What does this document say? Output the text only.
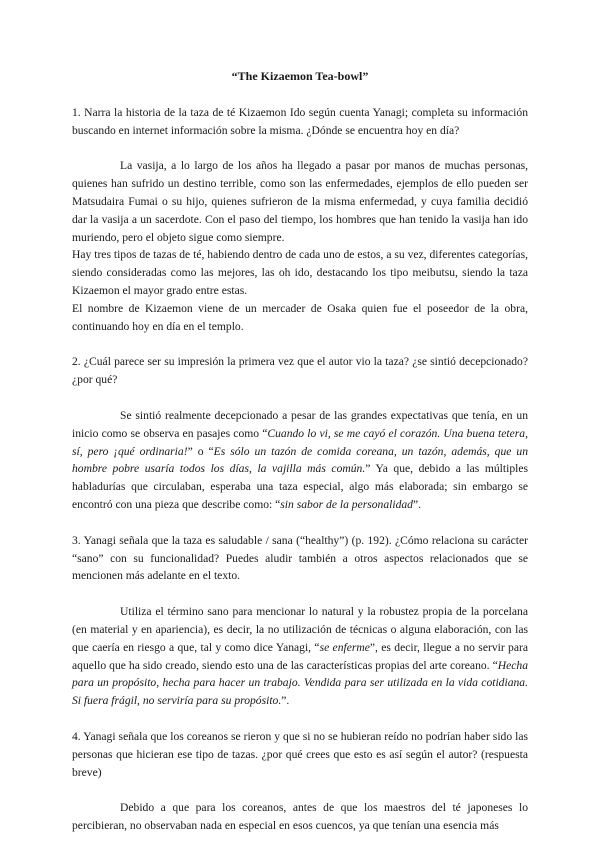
“The Kizaemon Tea-bowl”

1. Narra la historia de la taza de té Kizaemon Ido según cuenta Yanagi; completa su información buscando en internet información sobre la misma. ¿Dónde se encuentra hoy en día?

La vasija, a lo largo de los años ha llegado a pasar por manos de muchas personas, quienes han sufrido un destino terrible, como son las enfermedades, ejemplos de ello pueden ser Matsudaira Fumai o su hijo, quienes sufrieron de la misma enfermedad, y cuya familia decidió dar la vasija a un sacerdote. Con el paso del tiempo, los hombres que han tenido la vasija han ido muriendo, pero el objeto sigue como siempre.

Hay tres tipos de tazas de té, habiendo dentro de cada uno de estos, a su vez, diferentes categorías, siendo consideradas como las mejores, las oh ido, destacando los tipo meibutsu, siendo la taza Kizaemon el mayor grado entre estas.

El nombre de Kizaemon viene de un mercader de Osaka quien fue el poseedor de la obra, continuando hoy en día en el templo.

2. ¿Cuál parece ser su impresión la primera vez que el autor vio la taza? ¿se sintió decepcionado? ¿por qué?

Se sintió realmente decepcionado a pesar de las grandes expectativas que tenía, en un inicio como se observa en pasajes como “Cuando lo vi, se me cayó el corazón. Una buena tetera, sí, pero ¡qué ordinaria!” o “Es sólo un tazón de comida coreana, un tazón, además, que un hombre pobre usaría todos los días, la vajilla más común.” Ya que, debido a las múltiples habladurías que circulaban, esperaba una taza especial, algo más elaborada; sin embargo se encontró con una pieza que describe como: “sin sabor de la personalidad”.

3. Yanagi señala que la taza es saludable / sana (“healthy”) (p. 192). ¿Cómo relaciona su carácter “sano” con su funcionalidad? Puedes aludir también a otros aspectos relacionados que se mencionen más adelante en el texto.

Utiliza el término sano para mencionar lo natural y la robustez propia de la porcelana (en material y en apariencia), es decir, la no utilización de técnicas o alguna elaboración, con las que caería en riesgo a que, tal y como dice Yanagi, “se enferme”, es decir, llegue a no servir para aquello que ha sido creado, siendo esto una de las características propias del arte coreano. “Hecha para un propósito, hecha para hacer un trabajo. Vendida para ser utilizada en la vida cotidiana. Si fuera frágil, no serviría para su propósito.”.

4. Yanagi señala que los coreanos se rieron y que si no se hubieran reído no podrían haber sido las personas que hicieran ese tipo de tazas. ¿por qué crees que esto es así según el autor? (respuesta breve)

Debido a que para los coreanos, antes de que los maestros del té japoneses lo percibieran, no observaban nada en especial en esos cuencos, ya que tenían una esencia más
